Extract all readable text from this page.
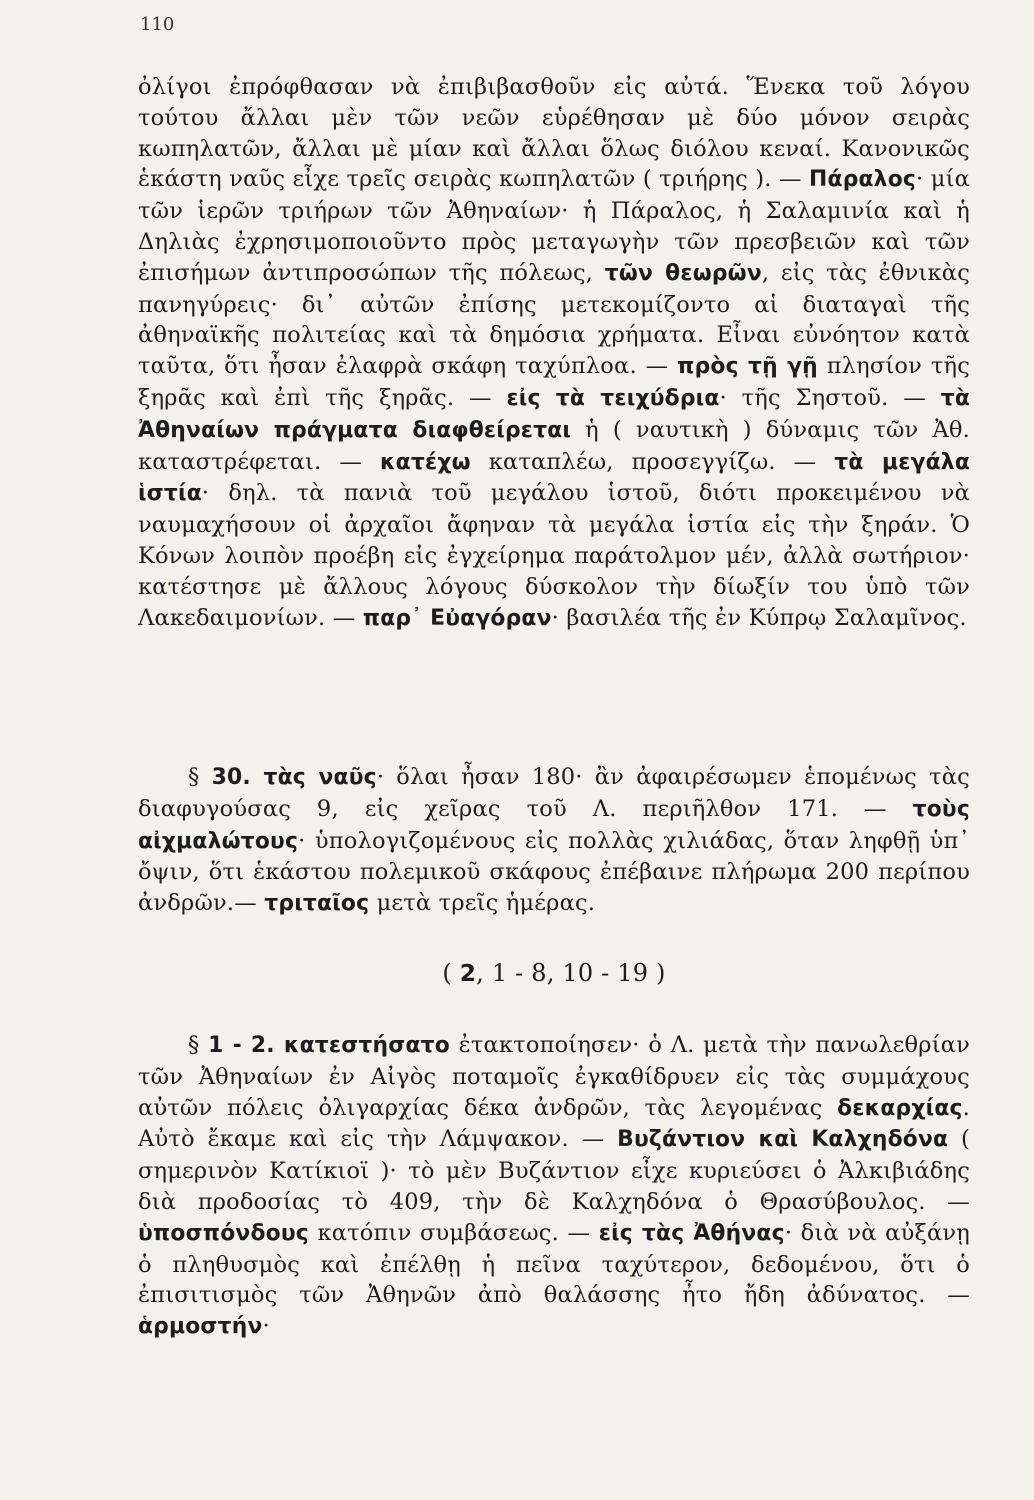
110

ὀλίγοι ἐπρόφθασαν νὰ ἐπιβιβασθοῦν εἰς αὐτά. Ἕνεκα τοῦ λόγου τούτου ἄλλαι μὲν τῶν νεῶν εὑρέθησαν μὲ δύο μόνον σειρὰς κωπηλατῶν, ἄλλαι μὲ μίαν καὶ ἄλλαι ὅλως διόλου κεναί. Κανονικῶς ἑκάστη ναῦς εἶχε τρεῖς σειρὰς κωπηλατῶν ( τριήρης ). — Πάραλος· μία τῶν ἱερῶν τριήρων τῶν Ἀθηναίων· ἡ Πάραλος, ἡ Σαλαμινία καὶ ἡ Δηλιὰς ἐχρησιμοποιοῦντο πρὸς μεταγωγὴν τῶν πρεσβειῶν καὶ τῶν ἐπισήμων ἀντιπροσώπων τῆς πόλεως, τῶν θεωρῶν, εἰς τὰς ἐθνικὰς πανηγύρεις· δι᾿ αὐτῶν ἐπίσης μετεκομίζοντο αἱ διαταγαὶ τῆς ἀθηναϊκῆς πολιτείας καὶ τὰ δημόσια χρήματα. Εἶναι εὐνόητον κατὰ ταῦτα, ὅτι ἦσαν ἐλαφρὰ σκάφη ταχύπλοα. — πρὸς τῇ γῇ πλησίον τῆς ξηρᾶς καὶ ἐπὶ τῆς ξηρᾶς. — εἰς τὰ τειχύδρια· τῆς Σηστοῦ. — τὰ Ἀθηναίων πράγματα διαφθείρεται ἡ ( ναυτικὴ ) δύναμις τῶν Ἀθ. καταστρέφεται. — κατέχω καταπλέω, προσεγγίζω. — τὰ μεγάλα ἱστία· δηλ. τὰ πανιὰ τοῦ μεγάλου ἱστοῦ, διότι προκειμένου νὰ ναυμαχήσουν οἱ ἀρχαῖοι ἄφηναν τὰ μεγάλα ἱστία εἰς τὴν ξηράν. Ὁ Κόνων λοιπὸν προέβη εἰς ἐγχείρημα παράτολμον μέν, ἀλλὰ σωτήριον· κατέστησε μὲ ἄλλους λόγους δύσκολον τὴν δίωξίν του ὑπὸ τῶν Λακεδαιμονίων. — παρ᾿ Εὐαγόραν· βασιλέα τῆς ἐν Κύπρῳ Σαλαμῖνος.

§ 30. τὰς ναῦς· ὅλαι ἦσαν 180· ἂν ἀφαιρέσωμεν ἑπομένως τὰς διαφυγούσας 9, εἰς χεῖρας τοῦ Λ. περιῆλθον 171. — τοὺς αἰχμαλώτους· ὑπολογιζομένους εἰς πολλὰς χιλιάδας, ὅταν ληφθῇ ὑπ᾿ ὄψιν, ὅτι ἑκάστου πολεμικοῦ σκάφους ἐπέβαινε πλήρωμα 200 περίπου ἀνδρῶν.— τριταῖος μετὰ τρεῖς ἡμέρας.

( 2, 1 - 8, 10 - 19 )

§ 1 - 2. κατεστήσατο ἐτακτοποίησεν· ὁ Λ. μετὰ τὴν πανωλεθρίαν τῶν Ἀθηναίων ἐν Αἰγὸς ποταμοῖς ἐγκαθίδρυεν εἰς τὰς συμμάχους αὐτῶν πόλεις ὀλιγαρχίας δέκα ἀνδρῶν, τὰς λεγομένας δεκαρχίας. Αὐτὸ ἔκαμε καὶ εἰς τὴν Λάμψακον. — Βυζάντιον καὶ Καλχηδόνα ( σημερινὸν Κατίκιοϊ )· τὸ μὲν Βυζάντιον εἶχε κυριεύσει ὁ Ἀλκιβιάδης διὰ προδοσίας τὸ 409, τὴν δὲ Καλχηδόνα ὁ Θρασύβουλος. — ὑποσπόνδους κατόπιν συμβάσεως. — εἰς τὰς Ἀθήνας· διὰ νὰ αὐξάνῃ ὁ πληθυσμὸς καὶ ἐπέλθῃ ἡ πεῖνα ταχύτερον, δεδομένου, ὅτι ὁ ἐπισιτισμὸς τῶν Ἀθηνῶν ἀπὸ θαλάσσης ἦτο ἤδη ἀδύνατος. — ἁρμοστήν·
